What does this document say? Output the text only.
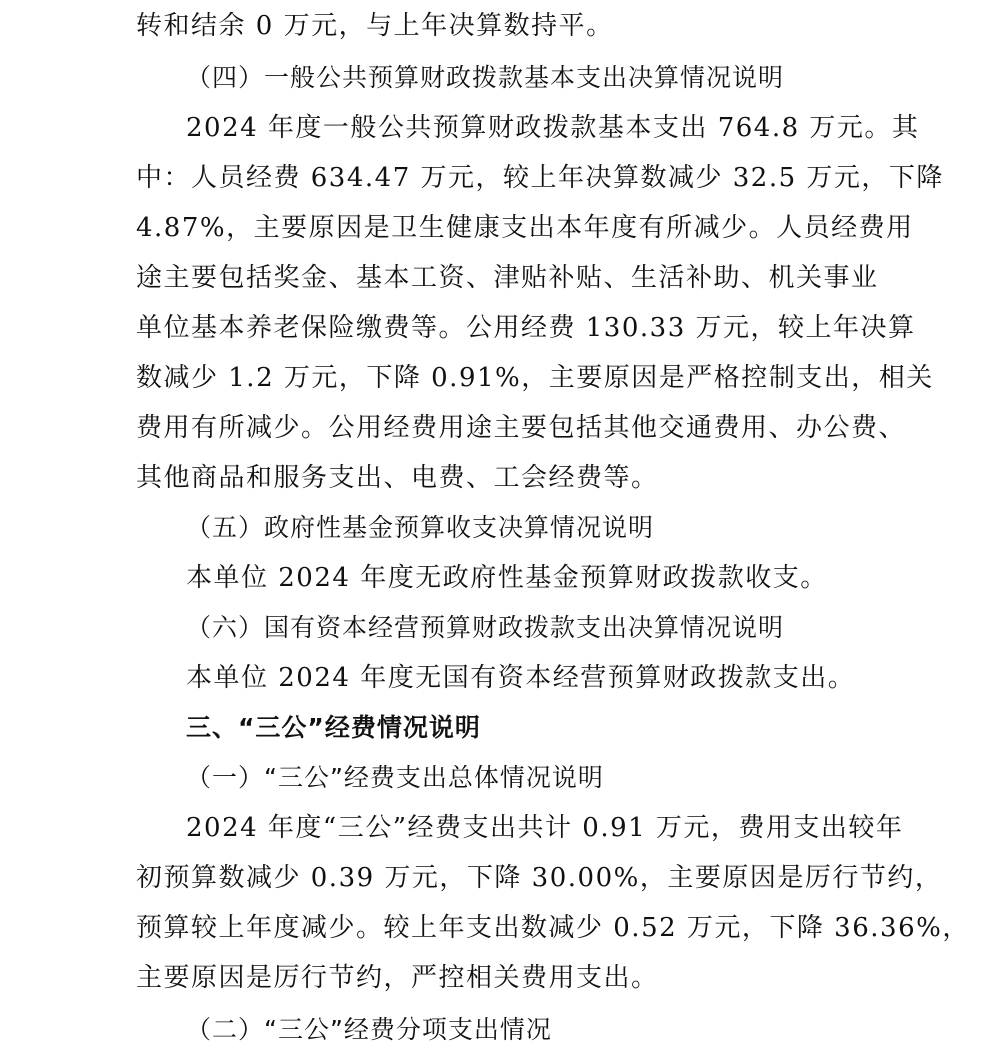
转和结余 0 万元，与上年决算数持平。
（四）一般公共预算财政拨款基本支出决算情况说明
2024 年度一般公共预算财政拨款基本支出 764.8 万元。其
中：人员经费 634.47 万元，较上年决算数减少 32.5 万元，下降
4.87%，主要原因是卫生健康支出本年度有所减少。人员经费用
途主要包括奖金、基本工资、津贴补贴、生活补助、机关事业
单位基本养老保险缴费等。公用经费 130.33 万元，较上年决算
数减少 1.2 万元，下降 0.91%，主要原因是严格控制支出，相关
费用有所减少。公用经费用途主要包括其他交通费用、办公费、
其他商品和服务支出、电费、工会经费等。
（五）政府性基金预算收支决算情况说明
本单位 2024 年度无政府性基金预算财政拨款收支。
（六）国有资本经营预算财政拨款支出决算情况说明
本单位 2024 年度无国有资本经营预算财政拨款支出。
三、“三公”经费情况说明
（一）“三公”经费支出总体情况说明
2024 年度“三公”经费支出共计 0.91 万元，费用支出较年
初预算数减少 0.39 万元，下降 30.00%，主要原因是厉行节约，
预算较上年度减少。较上年支出数减少 0.52 万元，下降 36.36%，
主要原因是厉行节约，严控相关费用支出。
（二）“三公”经费分项支出情况
